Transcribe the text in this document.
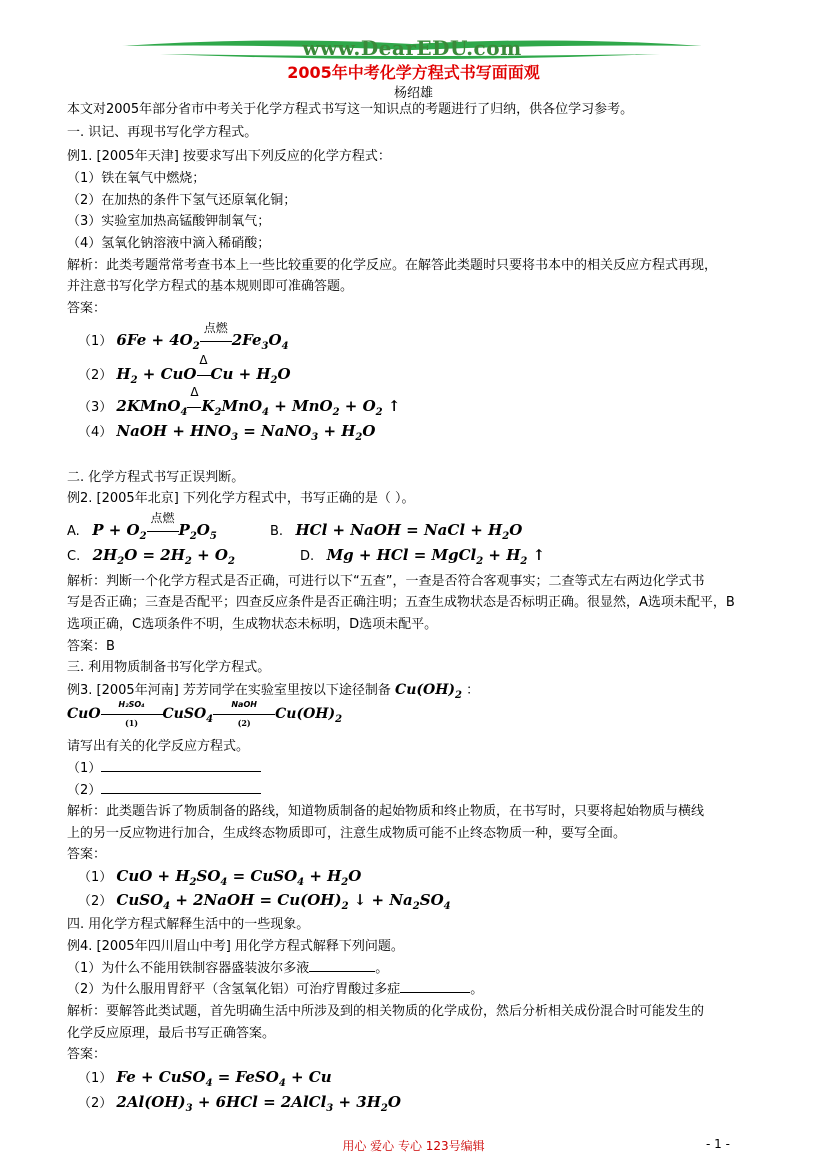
www.DearEDU.com
2005年中考化学方程式书写面面观
杨绍雄
本文对2005年部分省市中考关于化学方程式书写这一知识点的考题进行了归纳，供各位学习参考。
一. 识记、再现书写化学方程式。
例1. [2005年天津] 按要求写出下列反应的化学方程式：
（1）铁在氧气中燃烧；
（2）在加热的条件下氢气还原氧化铜；
（3）实验室加热高锰酸钾制氧气；
（4）氢氧化钠溶液中滴入稀硝酸；
解析：此类考题常常考查书本上一些比较重要的化学反应。在解答此类题时只要将书本中的相关反应方程式再现，
并注意书写化学方程式的基本规则即可准确答题。
答案：
（1） $6Fe + 4O_2$
点燃
$2Fe_3O_4$
（2） $H_2$ + CuO
Δ
$Cu + H_2O$
（3） 2KMnO$_4$
Δ
$K_2MnO_4 + MnO_2 + O_2$ ↑
（4） NaOH + $HNO_3$ = NaNO$_3$ + $H_2O$
二. 化学方程式书写正误判断。
例2. [2005年北京] 下列化学方程式中，书写正确的是（ ）。
A. $P + O_2$
点燃
$P_2O_5$	B. HCl + NaOH = NaCl + $H_2O$
C. $2H_2O = 2H_2 + O_2$	D. Mg + HCl = MgCl$_2$ + $H_2$ ↑
解析：判断一个化学方程式是否正确，可进行以下“五查”，一查是否符合客观事实；二查等式左右两边化学式书
写是否正确；三查是否配平；四查反应条件是否正确注明；五查生成物状态是否标明正确。很显然，A选项未配平，B
选项正确，C选项条件不明，生成物状态未标明，D选项未配平。
答案：B
三. 利用物质制备书写化学方程式。
例3. [2005年河南] 芳芳同学在实验室里按以下途径制备 $Cu(OH)_2$ ：
CuO $\frac{\text{H₂SO₄}}{(1)}$ CuSO$_4$
NaOH
(2)
$Cu(OH)_2$
请写出有关的化学反应方程式。
（1）
（2）
解析：此类题告诉了物质制备的路线，知道物质制备的起始物质和终止物质，在书写时，只要将起始物质与横线
上的另一反应物进行加合，生成终态物质即可，注意生成物质可能不止终态物质一种，要写全面。
答案：
（1） CuO + $H_2SO_4$ = CuSO$_4$ + $H_2O$
（2） CuSO$_4$ + 2NaOH = $Cu(OH)_2$ ↓ + $Na_2SO_4$
四. 用化学方程式解释生活中的一些现象。
例4. [2005年四川眉山中考] 用化学方程式解释下列问题。
（1）为什么不能用铁制容器盛装波尔多液	。
（2）为什么服用胃舒平（含氢氧化铝）可治疗胃酸过多症	。
解析：要解答此类试题，首先明确生活中所涉及到的相关物质的化学成份，然后分析相关成份混合时可能发生的
化学反应原理，最后书写正确答案。
答案：
（1） Fe + CuSO$_4$ = FeSO$_4$ + Cu
（2） $2Al(OH)_3 + 6HCl$ = 2AlCl$_3$ + $3H_2O$
用心 爱心 专心 123号编辑	- 1 -
